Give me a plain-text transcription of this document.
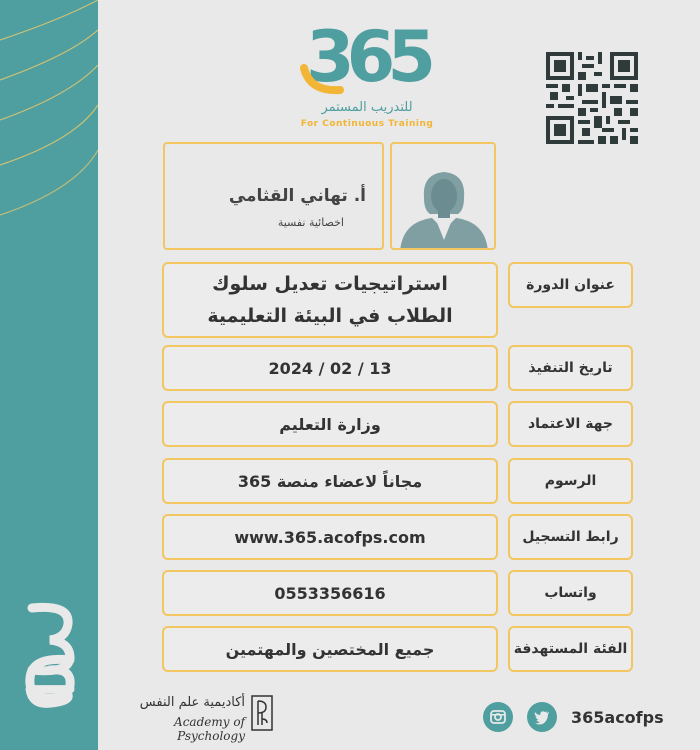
365
للتدريب المستمر
For Continuous Training
أ. تهاني القثامي
اخصائية نفسية
عنوان الدورة
استراتيجيات تعديل سلوك
الطلاب في البيئة التعليمية
تاريخ التنفيذ
2024 / 02 / 13
جهة الاعتماد
وزارة التعليم
الرسوم
مجاناً لاعضاء منصة 365
رابط التسجيل
www.365.acofps.com
واتساب
0553356616
الفئة المستهدفة
جميع المختصين والمهتمين
أكاديمية علم النفس
Academy of Psychology
365acofps
